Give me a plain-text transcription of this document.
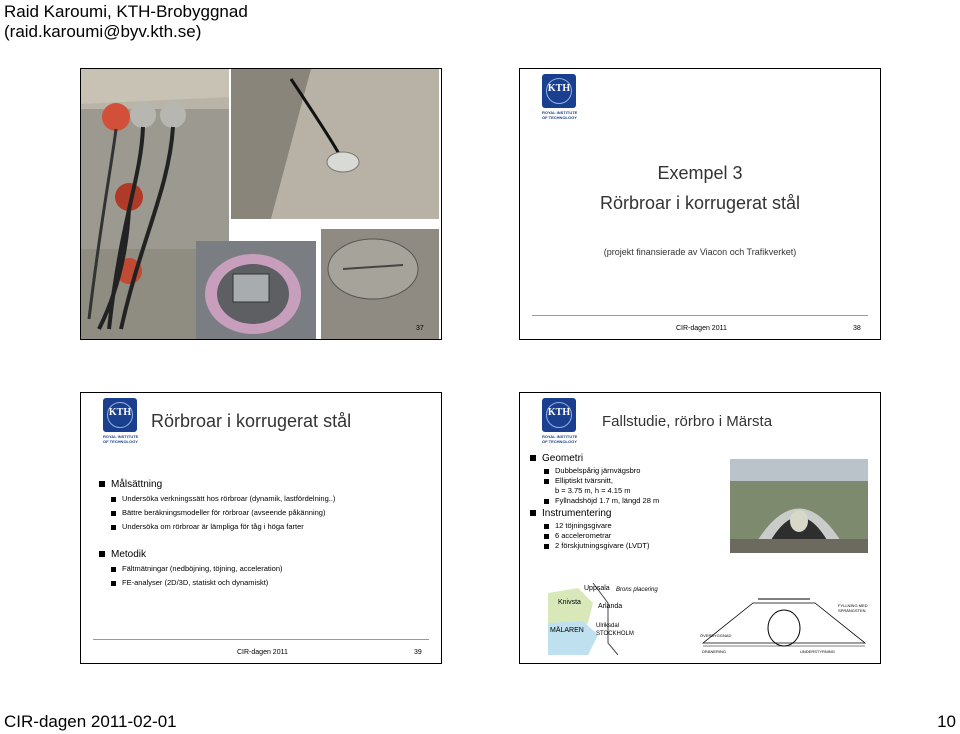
Raid Karoumi, KTH-Brobyggnad
(raid.karoumi@byv.kth.se)
37
KTH
ROYAL INSTITUTE
OF TECHNOLOGY
Exempel 3
Rörbroar i korrugerat stål
(projekt finansierade av Viacon och Trafikverket)
CIR-dagen 2011	38
KTH
ROYAL INSTITUTE
OF TECHNOLOGY
Rörbroar i korrugerat stål
Målsättning
Undersöka verkningssätt hos rörbroar (dynamik, lastfördelning..)
Bättre beräkningsmodeller för rörbroar (avseende påkänning)
Undersöka om rörbroar är lämpliga för tåg i höga farter
Metodik
Fältmätningar (nedböjning, töjning, acceleration)
FE-analyser (2D/3D, statiskt och dynamiskt)
CIR-dagen 2011	39
KTH
ROYAL INSTITUTE
OF TECHNOLOGY
Fallstudie, rörbro i Märsta
Geometri
Dubbelspårig järnvägsbro
Elliptiskt tvärsnitt,
b = 3.75 m, h = 4.15 m
Fyllnadshöjd 1.7 m, längd 28 m
Instrumentering
12 töjningsgivare
6 accelerometrar
2 förskjutningsgivare (LVDT)
Uppsala
Knivsta
Arlanda
MÄLAREN
Ulriksdal
STOCKHOLM
Brons placering
FYLLNING MED SPRÄNGSTEN
ÖVERBYGGNAD
DRÄNERING	UNDERSTYRNING
CIR-dagen 2011-02-01	10
